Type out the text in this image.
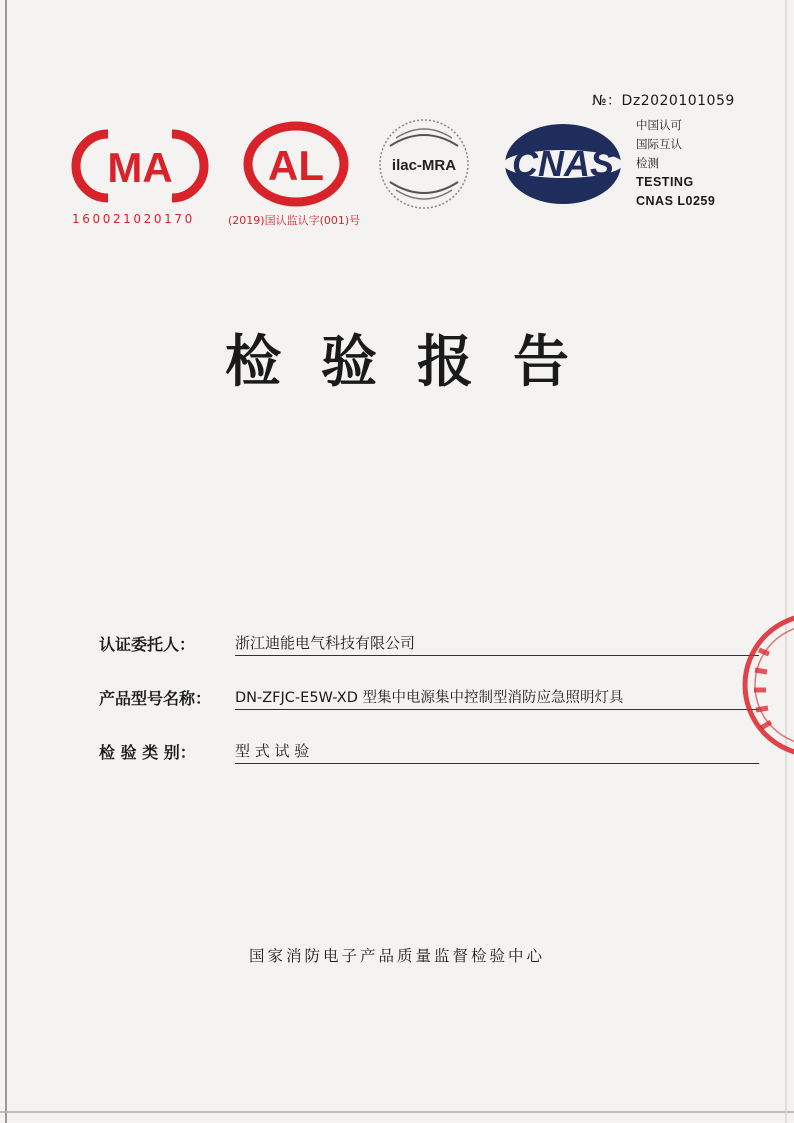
№：Dz2020101059
MA
160021020170
AL
(2019)国认监认字(001)号
ilac-MRA CNAS
中国认可
国际互认
检测
TESTING
CNAS L0259
检验报告
认证委托人：	浙江迪能电气科技有限公司
产品型号名称： DN-ZFJC-E5W-XD 型集中电源集中控制型消防应急照明灯具
检 验 类 别：	型 式 试 验
国家消防电子产品质量监督检验中心
